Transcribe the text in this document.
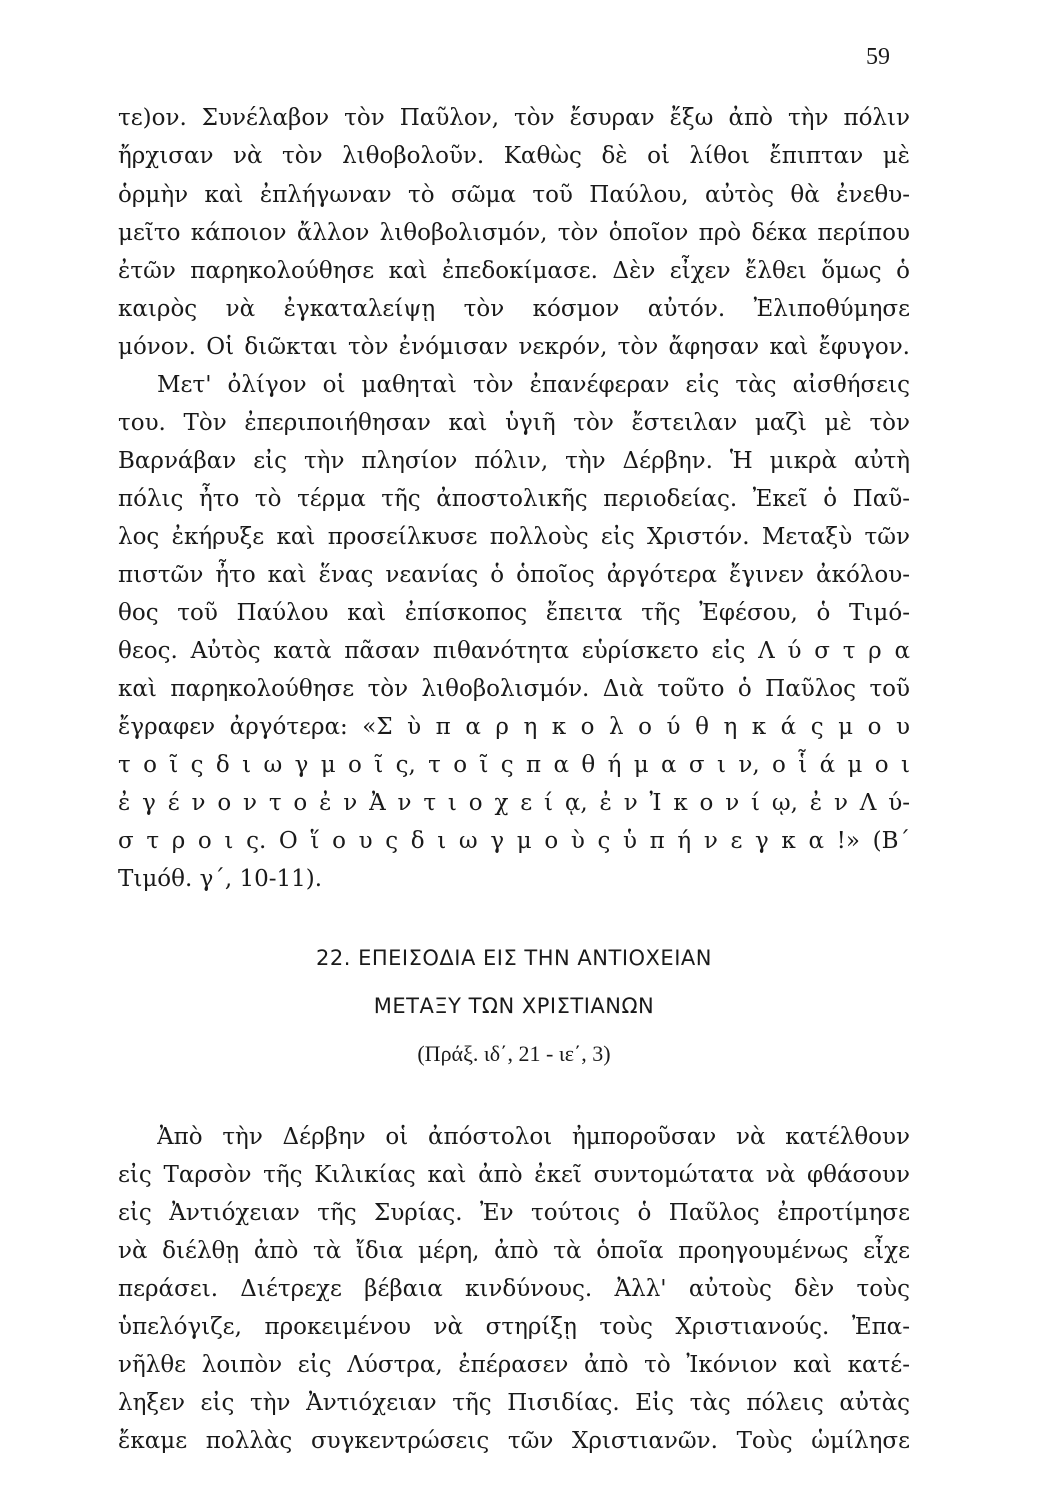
59
τε)ον. Συνέλαβον τὸν Παῦλον, τὸν ἔσυραν ἔξω ἀπὸ τὴν πόλιν
ἤρχισαν νὰ τὸν λιθοβολοῦν. Καθὼς δὲ οἱ λίθοι ἔπιπταν μὲ
ὁρμὴν καὶ ἐπλήγωναν τὸ σῶμα τοῦ Παύλου, αὐτὸς θὰ ἐνεθυ-
μεῖτο κάποιον ἄλλον λιθοβολισμόν, τὸν ὁποῖον πρὸ δέκα περίπου
ἐτῶν παρηκολούθησε καὶ ἐπεδοκίμασε. Δὲν εἶχεν ἔλθει ὅμως ὁ
καιρὸς νὰ ἐγκαταλείψῃ τὸν κόσμον αὐτόν. Ἐλιποθύμησε
μόνον. Οἱ διῶκται τὸν ἐνόμισαν νεκρόν, τὸν ἄφησαν καὶ ἔφυγον.
Μετ' ὀλίγον οἱ μαθηταὶ τὸν ἐπανέφεραν εἰς τὰς αἰσθήσεις
του. Τὸν ἐπεριποιήθησαν καὶ ὑγιῆ τὸν ἔστειλαν μαζὶ μὲ τὸν
Βαρνάβαν εἰς τὴν πλησίον πόλιν, τὴν Δέρβην. Ἡ μικρὰ αὐτὴ
πόλις ἦτο τὸ τέρμα τῆς ἀποστολικῆς περιοδείας. Ἐκεῖ ὁ Παῦ-
λος ἐκήρυξε καὶ προσείλκυσε πολλοὺς εἰς Χριστόν. Μεταξὺ τῶν
πιστῶν ἦτο καὶ ἕνας νεανίας ὁ ὁποῖος ἀργότερα ἔγινεν ἀκόλου-
θος τοῦ Παύλου καὶ ἐπίσκοπος ἔπειτα τῆς Ἐφέσου, ὁ Τιμό-
θεος. Αὐτὸς κατὰ πᾶσαν πιθανότητα εὑρίσκετο εἰς Λ ύ σ τ ρ α
καὶ παρηκολούθησε τὸν λιθοβολισμόν. Διὰ τοῦτο ὁ Παῦλος τοῦ
ἔγραφεν ἀργότερα: «Σ ὺ π α ρ η κ ο λ ο ύ θ η κ ά ς μ ο υ
τ ο ῖ ς δ ι ω γ μ ο ῖ ς, τ ο ῖ ς π α θ ή μ α σ ι ν, ο ἷ ά μ ο ι
ἐ γ έ ν ο ν τ ο ἐ ν Ἀ ν τ ι ο χ ε ί ᾳ, ἐ ν Ἰ κ ο ν ί ῳ, ἐ ν Λ ύ-
σ τ ρ ο ι ς. Ο ἵ ο υ ς δ ι ω γ μ ο ὺ ς ὑ π ή ν ε γ κ α !» (Β΄
Τιμόθ. γ΄, 10-11).
22. ΕΠΕΙΣΟΔΙΑ ΕΙΣ ΤΗΝ ΑΝΤΙΟΧΕΙΑΝ
ΜΕΤΑΞΥ ΤΩΝ ΧΡΙΣΤΙΑΝΩΝ
(Πράξ. ιδ΄, 21 - ιε΄, 3)
Ἀπὸ τὴν Δέρβην οἱ ἀπόστολοι ἠμποροῦσαν νὰ κατέλθουν
εἰς Ταρσὸν τῆς Κιλικίας καὶ ἀπὸ ἐκεῖ συντομώτατα νὰ φθάσουν
εἰς Ἀντιόχειαν τῆς Συρίας. Ἐν τούτοις ὁ Παῦλος ἐπροτίμησε
νὰ διέλθῃ ἀπὸ τὰ ἴδια μέρη, ἀπὸ τὰ ὁποῖα προηγουμένως εἶχε
περάσει. Διέτρεχε βέβαια κινδύνους. Ἀλλ' αὐτοὺς δὲν τοὺς
ὑπελόγιζε, προκειμένου νὰ στηρίξῃ τοὺς Χριστιανούς. Ἐπα-
νῆλθε λοιπὸν εἰς Λύστρα, ἐπέρασεν ἀπὸ τὸ Ἰκόνιον καὶ κατέ-
ληξεν εἰς τὴν Ἀντιόχειαν τῆς Πισιδίας. Εἰς τὰς πόλεις αὐτὰς
ἔκαμε πολλὰς συγκεντρώσεις τῶν Χριστιανῶν. Τοὺς ὡμίλησε
